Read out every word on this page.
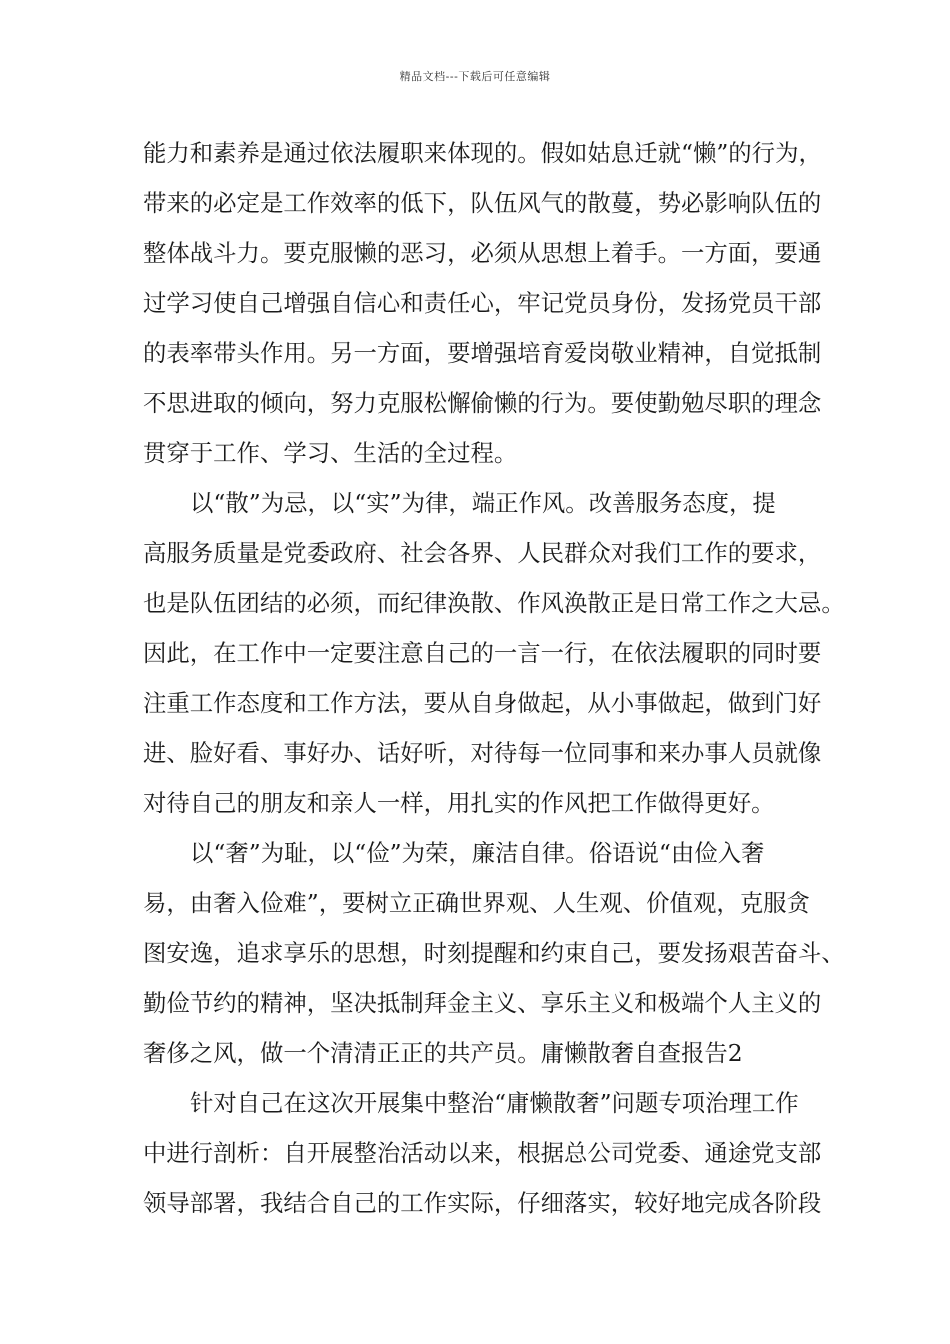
精品文档---下载后可任意编辑
能力和素养是通过依法履职来体现的。假如姑息迁就“懒”的行为，
带来的必定是工作效率的低下，队伍风气的散蔓，势必影响队伍的
整体战斗力。要克服懒的恶习，必须从思想上着手。一方面，要通
过学习使自己增强自信心和责任心，牢记党员身份，发扬党员干部
的表率带头作用。另一方面，要增强培育爱岗敬业精神，自觉抵制
不思进取的倾向，努力克服松懈偷懒的行为。要使勤勉尽职的理念
贯穿于工作、学习、生活的全过程。
以“散”为忌，以“实”为律，端正作风。改善服务态度，提
高服务质量是党委政府、社会各界、人民群众对我们工作的要求，
也是队伍团结的必须，而纪律涣散、作风涣散正是日常工作之大忌。
因此，在工作中一定要注意自己的一言一行，在依法履职的同时要
注重工作态度和工作方法，要从自身做起，从小事做起，做到门好
进、脸好看、事好办、话好听，对待每一位同事和来办事人员就像
对待自己的朋友和亲人一样，用扎实的作风把工作做得更好。
以“奢”为耻，以“俭”为荣，廉洁自律。俗语说“由俭入奢
易，由奢入俭难”，要树立正确世界观、人生观、价值观，克服贪
图安逸，追求享乐的思想，时刻提醒和约束自己，要发扬艰苦奋斗、
勤俭节约的精神，坚决抵制拜金主义、享乐主义和极端个人主义的
奢侈之风，做一个清清正正的共产员。庸懒散奢自查报告2
针对自己在这次开展集中整治“庸懒散奢”问题专项治理工作
中进行剖析：自开展整治活动以来，根据总公司党委、通途党支部
领导部署，我结合自己的工作实际，仔细落实，较好地完成各阶段
